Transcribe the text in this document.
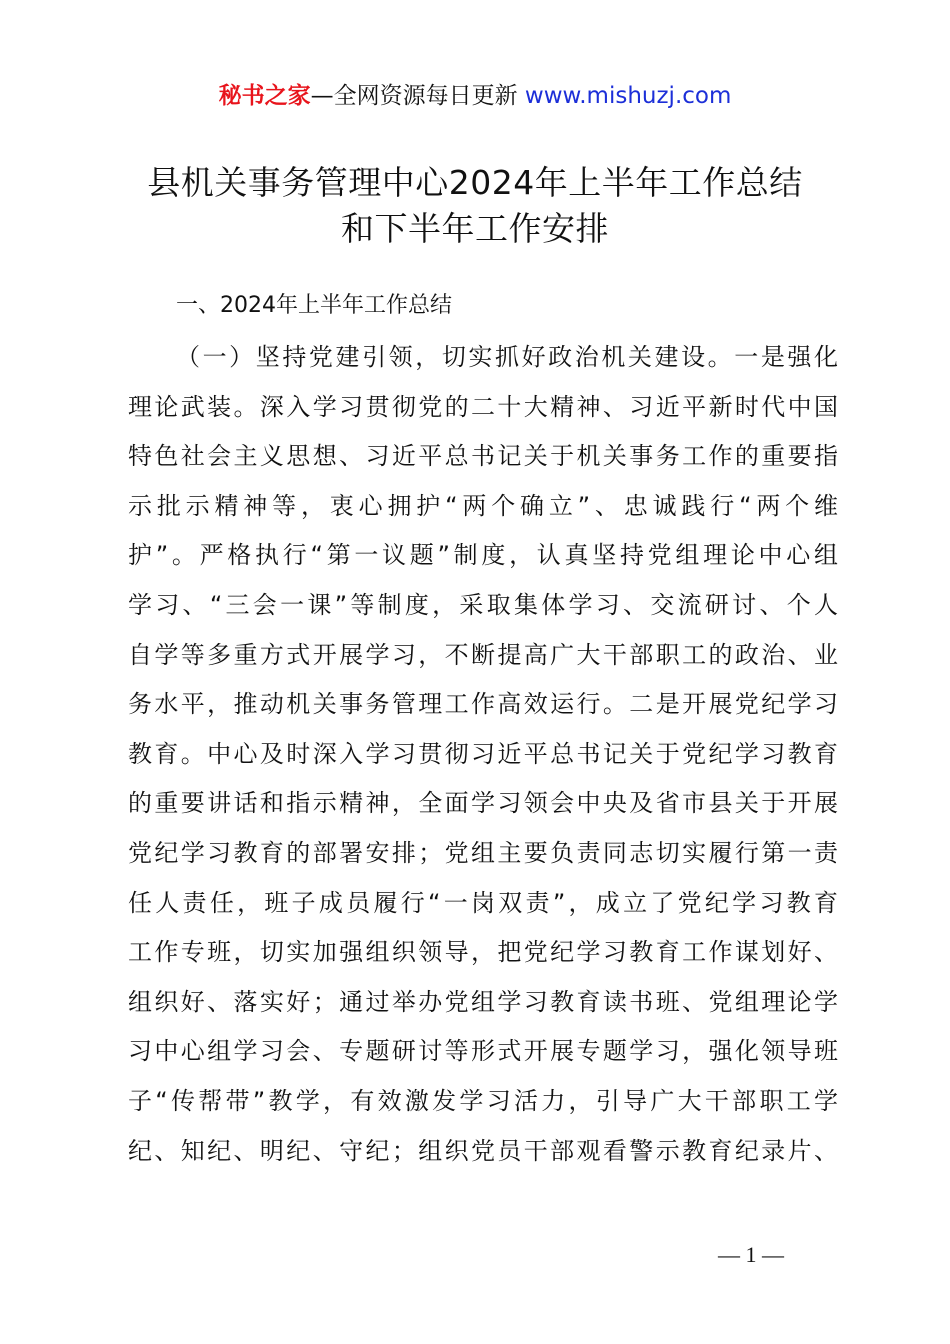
秘书之家—全网资源每日更新 www.mishuzj.com
县机关事务管理中心2024年上半年工作总结
和下半年工作安排
一、2024年上半年工作总结
（一）坚持党建引领，切实抓好政治机关建设。一是强化
理论武装。深入学习贯彻党的二十大精神、习近平新时代中国
特色社会主义思想、习近平总书记关于机关事务工作的重要指
示批示精神等，衷心拥护“两个确立”、忠诚践行“两个维
护”。严格执行“第一议题”制度，认真坚持党组理论中心组
学习、“三会一课”等制度，采取集体学习、交流研讨、个人
自学等多重方式开展学习，不断提高广大干部职工的政治、业
务水平，推动机关事务管理工作高效运行。二是开展党纪学习
教育。中心及时深入学习贯彻习近平总书记关于党纪学习教育
的重要讲话和指示精神，全面学习领会中央及省市县关于开展
党纪学习教育的部署安排；党组主要负责同志切实履行第一责
任人责任，班子成员履行“一岗双责”，成立了党纪学习教育
工作专班，切实加强组织领导，把党纪学习教育工作谋划好、
组织好、落实好；通过举办党组学习教育读书班、党组理论学
习中心组学习会、专题研讨等形式开展专题学习，强化领导班
子“传帮带”教学，有效激发学习活力，引导广大干部职工学
纪、知纪、明纪、守纪；组织党员干部观看警示教育纪录片、
— 1 —
